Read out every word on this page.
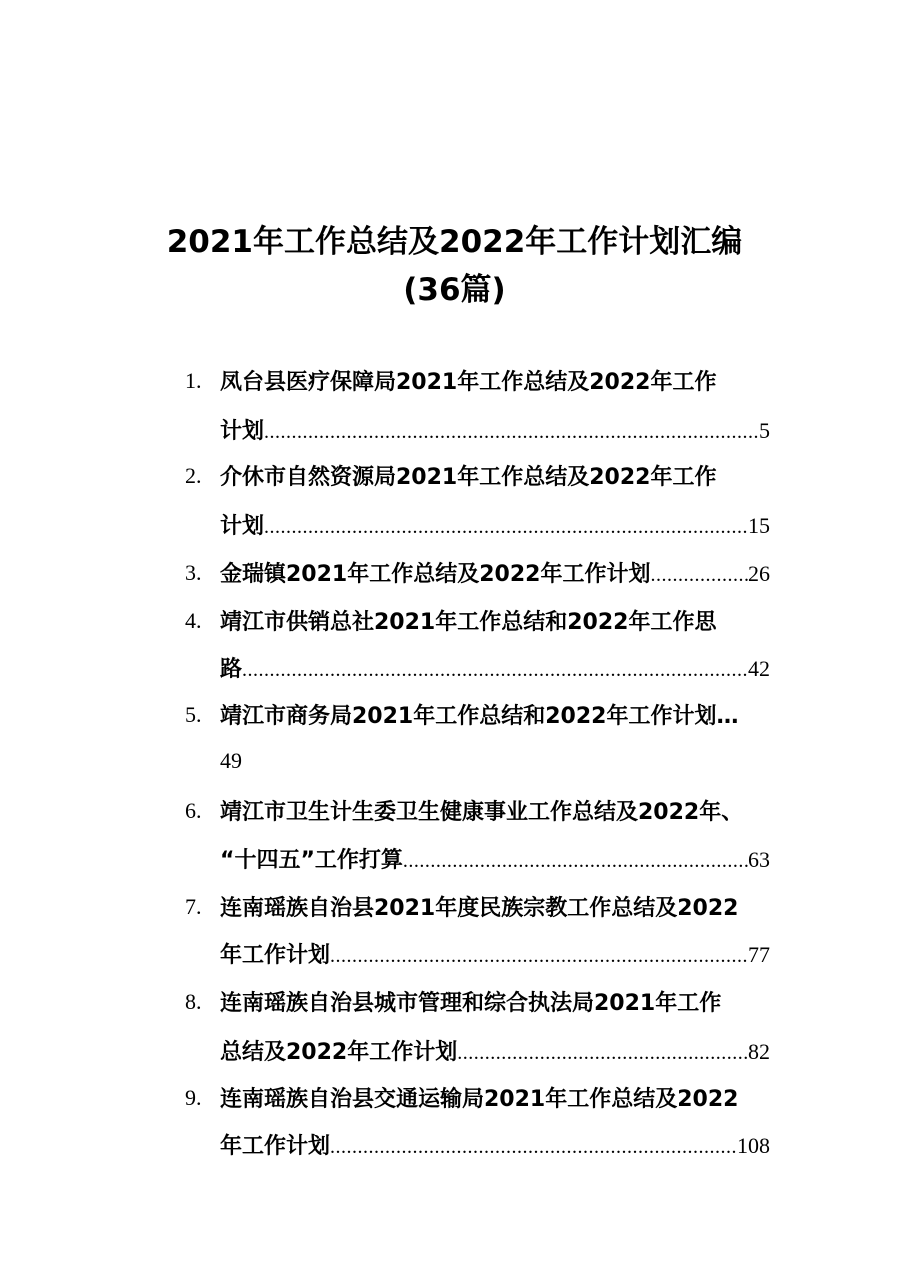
2021年工作总结及2022年工作计划汇编
(36篇)
1. 凤台县医疗保障局2021年工作总结及2022年工作
计划 .....	5
2. 介休市自然资源局2021年工作总结及2022年工作
计划 .....	15
3. 金瑞镇2021年工作总结及2022年工作计划 .....	26
4. 靖江市供销总社2021年工作总结和2022年工作思
路 .....	42
5. 靖江市商务局2021年工作总结和2022年工作计划…
49
6. 靖江市卫生计生委卫生健康事业工作总结及2022年、
“十四五”工作打算 .....	63
7. 连南瑶族自治县2021年度民族宗教工作总结及2022
年工作计划 .....	77
8. 连南瑶族自治县城市管理和综合执法局2021年工作
总结及2022年工作计划 .....	82
9. 连南瑶族自治县交通运输局2021年工作总结及2022
年工作计划 .....	108
